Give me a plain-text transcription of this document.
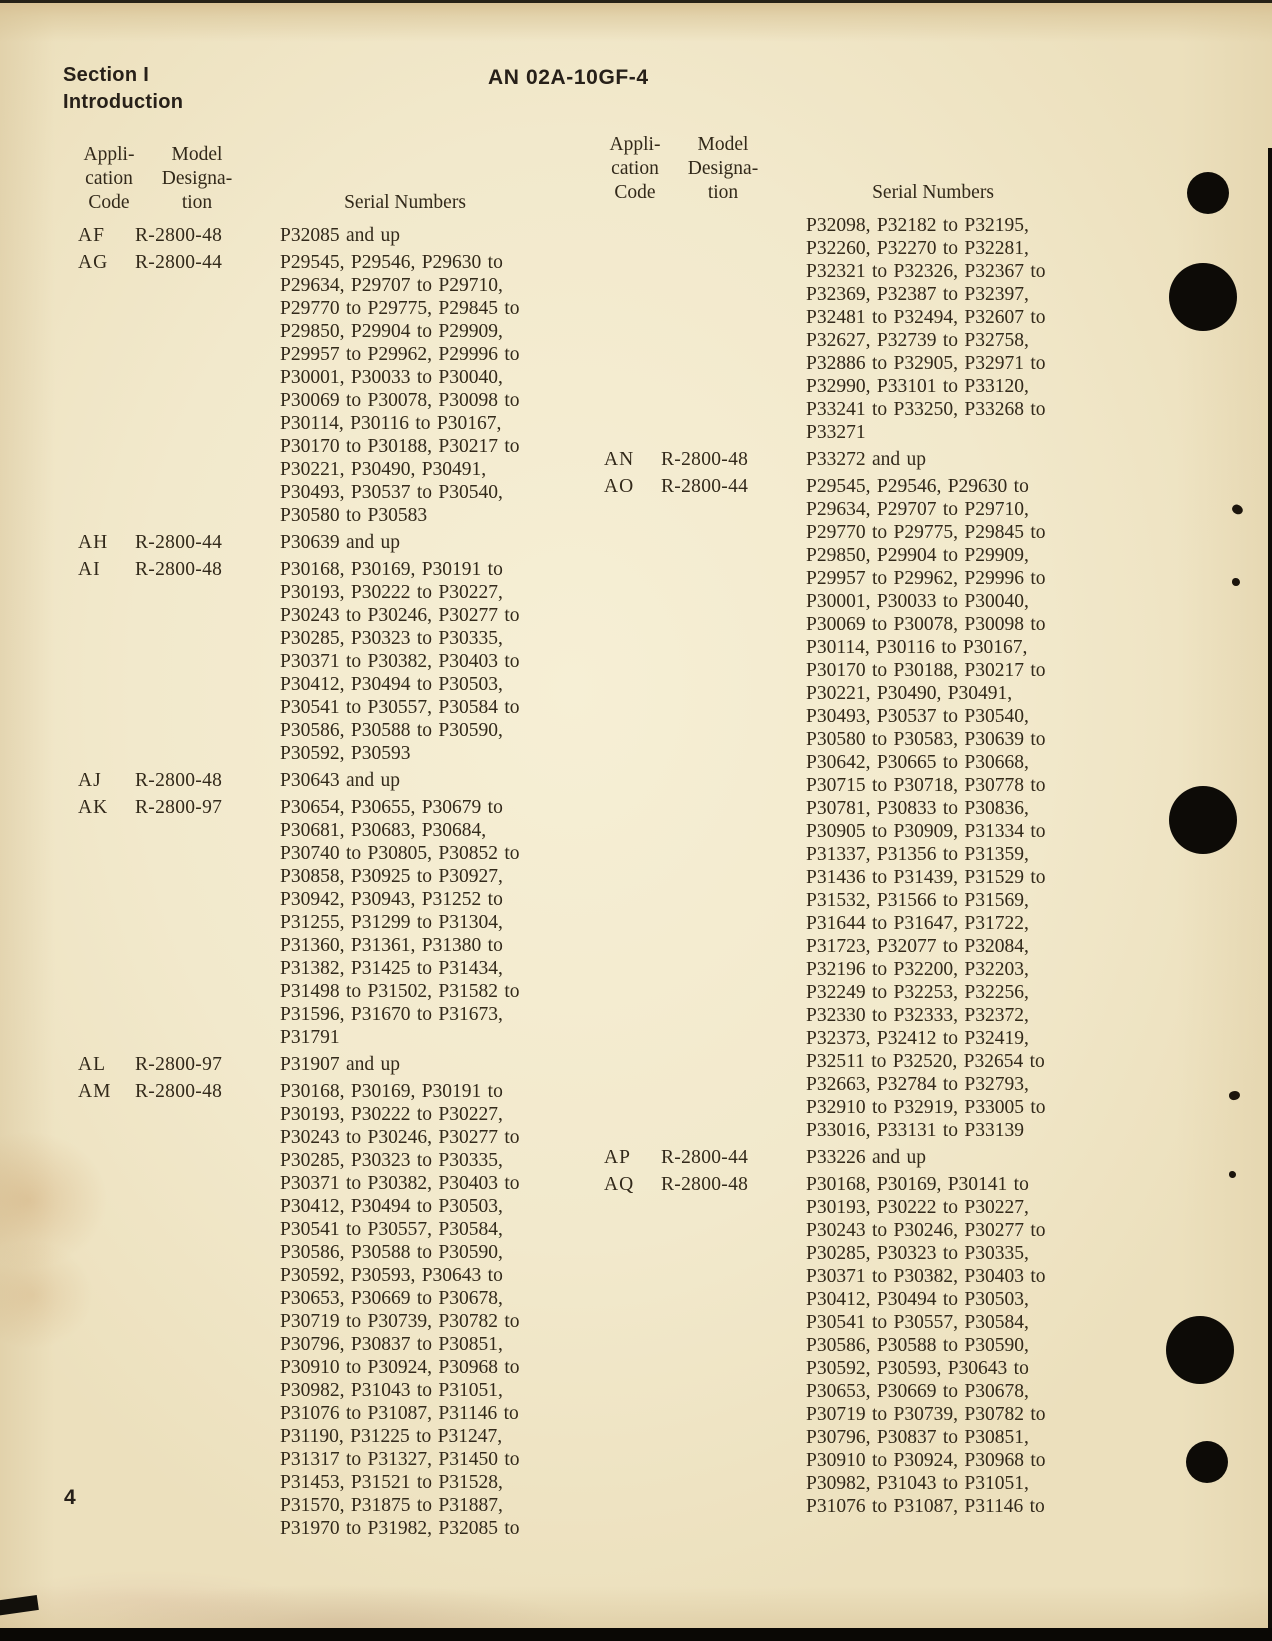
Section I
Introduction
AN 02A-10GF-4
Appli-
cation
Code
Model
Designa-
tion	Serial Numbers
AF	R-2800-48	P32085 and up
AG	R-2800-44	P29545, P29546, P29630 to
P29634, P29707 to P29710,
P29770 to P29775, P29845 to
P29850, P29904 to P29909,
P29957 to P29962, P29996 to
P30001, P30033 to P30040,
P30069 to P30078, P30098 to
P30114, P30116 to P30167,
P30170 to P30188, P30217 to
P30221, P30490, P30491,
P30493, P30537 to P30540,
P30580 to P30583
AH	R-2800-44	P30639 and up
AI	R-2800-48	P30168, P30169, P30191 to
P30193, P30222 to P30227,
P30243 to P30246, P30277 to
P30285, P30323 to P30335,
P30371 to P30382, P30403 to
P30412, P30494 to P30503,
P30541 to P30557, P30584 to
P30586, P30588 to P30590,
P30592, P30593
AJ	R-2800-48	P30643 and up
AK	R-2800-97	P30654, P30655, P30679 to
P30681, P30683, P30684,
P30740 to P30805, P30852 to
P30858, P30925 to P30927,
P30942, P30943, P31252 to
P31255, P31299 to P31304,
P31360, P31361, P31380 to
P31382, P31425 to P31434,
P31498 to P31502, P31582 to
P31596, P31670 to P31673,
P31791
AL	R-2800-97	P31907 and up
AM	R-2800-48	P30168, P30169, P30191 to
P30193, P30222 to P30227,
P30243 to P30246, P30277 to
P30285, P30323 to P30335,
P30371 to P30382, P30403 to
P30412, P30494 to P30503,
P30541 to P30557, P30584,
P30586, P30588 to P30590,
P30592, P30593, P30643 to
P30653, P30669 to P30678,
P30719 to P30739, P30782 to
P30796, P30837 to P30851,
P30910 to P30924, P30968 to
P30982, P31043 to P31051,
P31076 to P31087, P31146 to
P31190, P31225 to P31247,
P31317 to P31327, P31450 to
P31453, P31521 to P31528,
P31570, P31875 to P31887,
P31970 to P31982, P32085 to
Appli-
cation
Code
Model
Designa-
tion	Serial Numbers
P32098, P32182 to P32195,
P32260, P32270 to P32281,
P32321 to P32326, P32367 to
P32369, P32387 to P32397,
P32481 to P32494, P32607 to
P32627, P32739 to P32758,
P32886 to P32905, P32971 to
P32990, P33101 to P33120,
P33241 to P33250, P33268 to
P33271
AN	R-2800-48	P33272 and up
AO	R-2800-44	P29545, P29546, P29630 to
P29634, P29707 to P29710,
P29770 to P29775, P29845 to
P29850, P29904 to P29909,
P29957 to P29962, P29996 to
P30001, P30033 to P30040,
P30069 to P30078, P30098 to
P30114, P30116 to P30167,
P30170 to P30188, P30217 to
P30221, P30490, P30491,
P30493, P30537 to P30540,
P30580 to P30583, P30639 to
P30642, P30665 to P30668,
P30715 to P30718, P30778 to
P30781, P30833 to P30836,
P30905 to P30909, P31334 to
P31337, P31356 to P31359,
P31436 to P31439, P31529 to
P31532, P31566 to P31569,
P31644 to P31647, P31722,
P31723, P32077 to P32084,
P32196 to P32200, P32203,
P32249 to P32253, P32256,
P32330 to P32333, P32372,
P32373, P32412 to P32419,
P32511 to P32520, P32654 to
P32663, P32784 to P32793,
P32910 to P32919, P33005 to
P33016, P33131 to P33139
AP	R-2800-44	P33226 and up
AQ	R-2800-48	P30168, P30169, P30141 to
P30193, P30222 to P30227,
P30243 to P30246, P30277 to
P30285, P30323 to P30335,
P30371 to P30382, P30403 to
P30412, P30494 to P30503,
P30541 to P30557, P30584,
P30586, P30588 to P30590,
P30592, P30593, P30643 to
P30653, P30669 to P30678,
P30719 to P30739, P30782 to
P30796, P30837 to P30851,
P30910 to P30924, P30968 to
P30982, P31043 to P31051,
P31076 to P31087, P31146 to
4
